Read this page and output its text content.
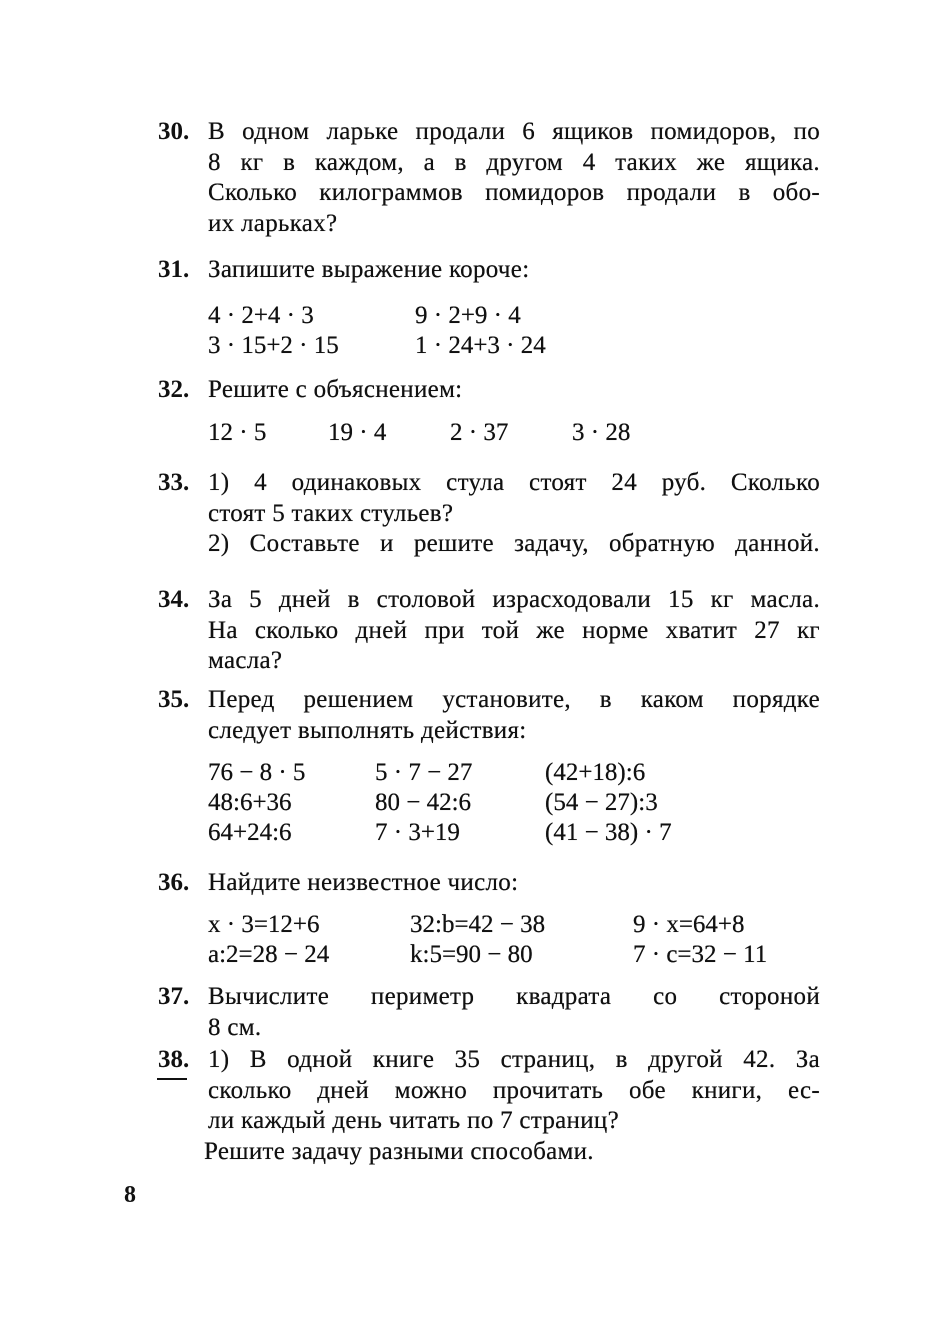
30. В одном ларьке продали 6 ящиков помидоров, по
8 кг в каждом, а в другом 4 таких же ящика.
Сколько килограммов помидоров продали в обо-
их ларьках?
31. Запишите выражение короче:
4 · 2+4 · 3	9 · 2+9 · 4
3 · 15+2 · 15	1 · 24+3 · 24
32. Решите с объяснением:
12 · 5 19 · 4	2 · 37	3 · 28
33. 1) 4 одинаковых стула стоят 24 руб. Сколько
стоят 5 таких стульев?
2) Составьте и решите задачу, обратную данной.
34. За 5 дней в столовой израсходовали 15 кг масла.
На сколько дней при той же норме хватит 27 кг
масла?
35. Перед решением установите, в каком порядке
следует выполнять действия:
76 − 8 · 5	5 · 7 − 27	(42+18):6
48:6+36	80 − 42:6	(54 − 27):3
64+24:6	7 · 3+19	(41 − 38) · 7
36. Найдите неизвестное число:
x · 3=12+6	32:b=42 − 38	9 · x=64+8
a:2=28 − 24	k:5=90 − 80	7 · c=32 − 11
37. Вычислите периметр квадрата со стороной
8 см.
38. 1) В одной книге 35 страниц, в другой 42. За
сколько дней можно прочитать обе книги, ес-
ли каждый день читать по 7 страниц?
Решите задачу разными способами.
8
